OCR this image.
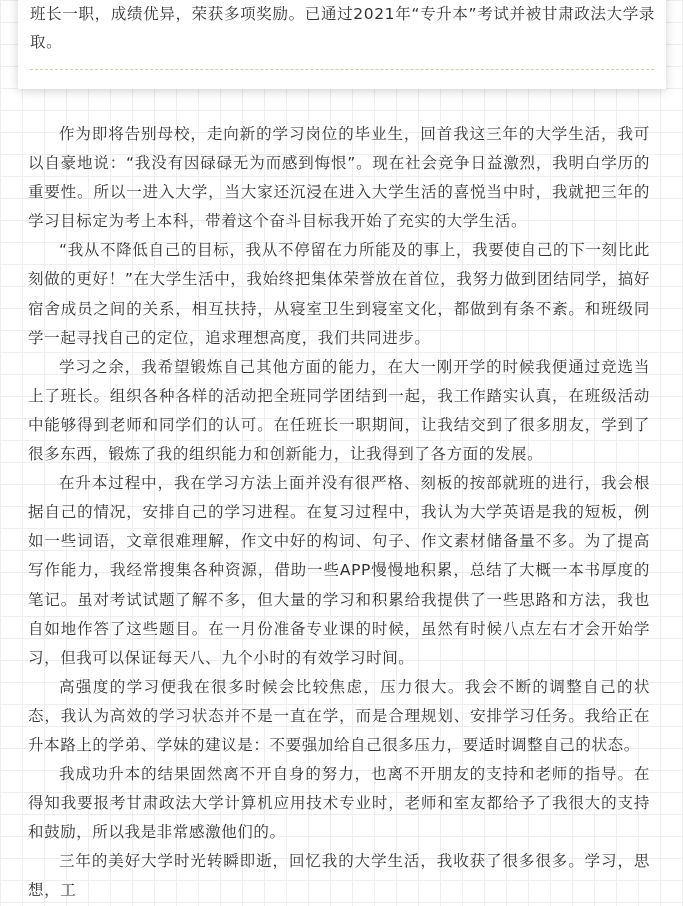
班长一职，成绩优异，荣获多项奖励。已通过2021年“专升本”考试并被甘肃政法大学录取。

作为即将告别母校，走向新的学习岗位的毕业生，回首我这三年的大学生活，我可以自豪地说：“我没有因碌碌无为而感到悔恨”。现在社会竞争日益激烈，我明白学历的重要性。所以一进入大学，当大家还沉浸在进入大学生活的喜悦当中时，我就把三年的学习目标定为考上本科，带着这个奋斗目标我开始了充实的大学生活。

“我从不降低自己的目标，我从不停留在力所能及的事上，我要使自己的下一刻比此刻做的更好！”在大学生活中，我始终把集体荣誉放在首位，我努力做到团结同学，搞好宿舍成员之间的关系，相互扶持，从寝室卫生到寝室文化，都做到有条不紊。和班级同学一起寻找自己的定位，追求理想高度，我们共同进步。

学习之余，我希望锻炼自己其他方面的能力，在大一刚开学的时候我便通过竞选当上了班长。组织各种各样的活动把全班同学团结到一起，我工作踏实认真，在班级活动中能够得到老师和同学们的认可。在任班长一职期间，让我结交到了很多朋友，学到了很多东西，锻炼了我的组织能力和创新能力，让我得到了各方面的发展。

在升本过程中，我在学习方法上面并没有很严格、刻板的按部就班的进行，我会根据自己的情况，安排自己的学习进程。在复习过程中，我认为大学英语是我的短板，例如一些词语，文章很难理解，作文中好的构词、句子、作文素材储备量不多。为了提高写作能力，我经常搜集各种资源，借助一些APP慢慢地积累，总结了大概一本书厚度的笔记。虽对考试试题了解不多，但大量的学习和积累给我提供了一些思路和方法，我也自如地作答了这些题目。在一月份准备专业课的时候，虽然有时候八点左右才会开始学习，但我可以保证每天八、九个小时的有效学习时间。

高强度的学习便我在很多时候会比较焦虑，压力很大。我会不断的调整自己的状态，我认为高效的学习状态并不是一直在学，而是合理规划、安排学习任务。我给正在升本路上的学弟、学妹的建议是：不要强加给自己很多压力，要适时调整自己的状态。

我成功升本的结果固然离不开自身的努力，也离不开朋友的支持和老师的指导。在得知我要报考甘肃政法大学计算机应用技术专业时，老师和室友都给予了我很大的支持和鼓励，所以我是非常感激他们的。

三年的美好大学时光转瞬即逝，回忆我的大学生活，我收获了很多很多。学习，思想，工
